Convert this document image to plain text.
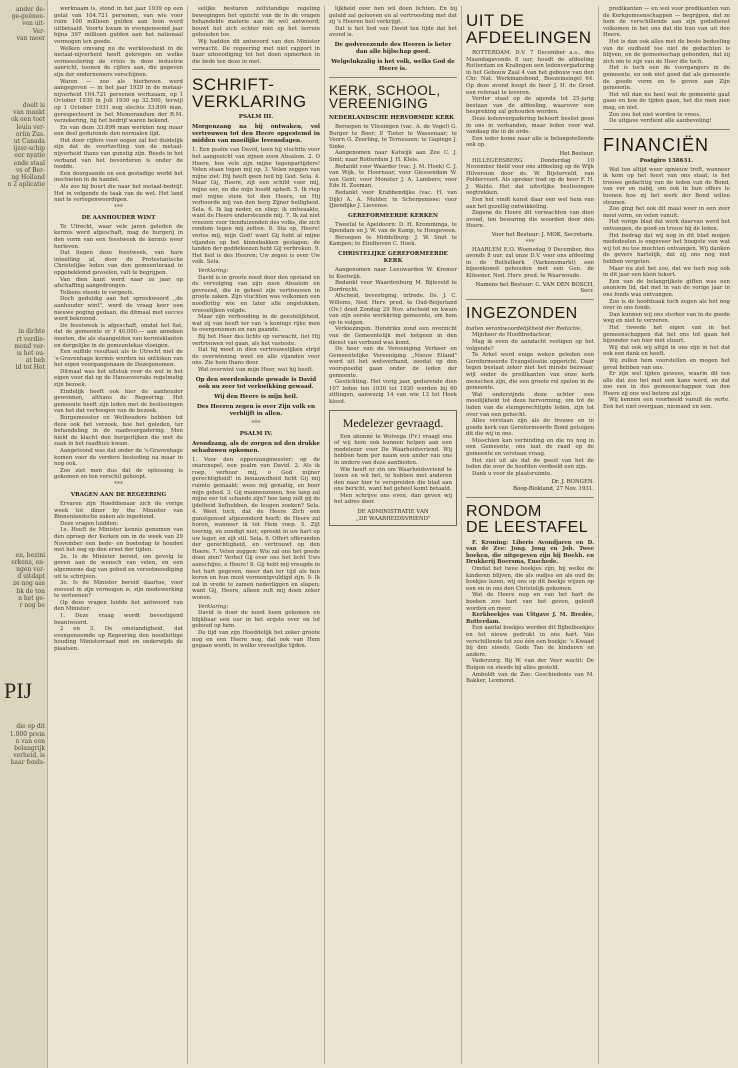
ander de-
ge-geënee-
ven uit-
Ver-
van meer
doelt is
van mankt
ok een toet
leuia ver-
oriin Zus.
ut Canada
ijzer-schip
eer nyatie
ende staal
vs of Ber-
ng Holland
n 2 aplicatie
in dichte
rt verdie-
mond ver-
is het ou-
at beh
ld tot Het
en, bezini
erkens, en-
ngen ver-
d uitdapt
ze nog aas
bk de ton
n het ge-
r nog be
PIJ
die op dit
1.000 prein
n van een
belangrijk
verheid, is
haar fonds-

werknaam is, stond in het jaar 1939 op een getal van 104.721 personen, van wie voor ruim 100 millioen gulden aan loon werd uitbetaald. Voorts kwam in evengenoemd jaar bijna 397 millioen gulden aan het nationaal vermogen ten goede.

Welken omvang nu de werkloosheid in de metaal-nijverheid heeft gekregen en welke vermeestering de crisis in deze industrie aanricht, toonen de cijfers aan, die gegeven zijn der ondernemers verschijnen.

Waren — zoo als hierboven werd aangegeven — in het jaar 1929 in de metaal-nijverheid 104.721 personen werkzaam, op 1 October 1930 in Juli 1930 op 32.500, terwijl op 1 October 1931 nog slechts 33.899 man, gerespecteerd in het Memorandum der R.M. verzekering, bij het bedrijf waren bekend.

En van deze 33.899 man werkten nog maar een deel gedurende den normalen tijd.

Het door cijfers voor oogen zal het duidelijk zijn dat de voortzetting van de metaal-nijverheid thans van gunstig zijn. Reeds in het verband van het bevorderen is onder de loodde.

Een doorgaande en een gestadige werkt het inschieten in de handel.

Als zoo bij buurt die naar het metaal-bedrijf. Het in volgende de taak van de wel. Het land niet te vertegenwoordigen.

***
DE AANHOUDER WINT

Te Utrecht, waar vele jaren geleden de kermis werd afgeschaft, mag de burgerij in den vorm van een feestweek de kermis weer herleven.

Dat liegen deze feestweek, van hare inteelling af, door de Protestantsche Christelijke leden van den gemeenteraad in opgebeklemd gevoelen, valt te begrijpen.

Van dien kant werd naar ze jaar op afschaffing aangedrongen.

Telkens steeds te vergeefs.

Doch geduldig aan het spreekwoord ,,de aanhouder wint", werd de vraag keer een nieuwe poging gedaan, die ditmaal met succes werd bekroond.

De feestweek is afgeschaft, omdat het fiat, dat de gemeente er f 40.000.— aan anneken moeten, die als staangelden van kermisklanten en dergelijke in de gemeentekas vloeigen.

Een sulfide resultaat als te Utrecht niet de 's-Gravenhage kermis werden nu ontloken van het eigen voorgangsnaam de Dezegenomen.

Ditmaal was het uitstuk voor de wel in het eigen voor dat op de Hanseveeraks regelmatig zijn bezoek.

Eindelijk heeft ook hier de aanhouder gewonnen, althans de Regeering. Het gemeente heeft zijn leden met de beslissingen van het dat verhoogen van de bezoek.

Burgemeester en Wethouders hebben tot deze ook het verzoek, hoe het geleden, ter behandeling in de raadsvergadering. Men hield de klacht den burgerlijken die met de zaak in het raadhuis kwam.

Aangetoond was dat onder de 's-Gravenhage komen voor de verdere besteding na maar in nog ook.

Zoo ziet men dus dat de oplossing is gekomen en ten verschil gehoopt.

***
VRAGEN AAN DE REGEERING

Ervaren zijn Hoeddienaar zich de vorige week tot diner by the Minister van Binnenlandsche zaken als ingediend.

Deze vragen luidden:

1e. Heeft de Minister kennis genomen van den oproep der Kerken om in de week van 29 November een bede- en boetedag te houden met het oog op den ernst der tijden.

2e. Is de Minister bereid, om gevolg te geven aan de wensch van velen, en een algemeene dag van gebed en verootmoediging uit te schrijven.

3e. Is de Minister bereid daartoe, voor zooveel in zijn vermogen is, zijn medewerking te verleenen?

Op deze vragen luidde het antwoord van den Minister:

1. Deze vraag wordt bevestigend beantwoord.

2 en 3. De omstandigheid, dat evengenoemde op Regeering den noodlottige houding Ministerraad met en onderwijds de plaatsen.

selijke besturen zelfstandige regeling bewegingen het opzicht van de in de vragen behandelde materie aan de wel antwoord; bouwt het zich echter niet op het terrein gehouden toe.

Wij hadden dit antwoord van den Minister verwacht. De regeering met niet rapport in haar uitnoodiging tot het doen opmerken in die bede ten deze in met.

SCHRIFT-
VERKLARING
PSALM III.
Morgenzang na bij ontwaken, vol vertrouwen tot den Heere opgestemd in midden van moeilijke levensdagen.
1. Een psalm van David, toen hij vluchtte voor het aangezicht van zijnen zoon Absalom. 2. O Heere, hoe vele zijn mijne tegenpartijders! Velen staan tegen mij op. 3. Velen zeggen van mijne ziel: Hij heeft geen heil bij God. Sela. 4. Maar Gij, Heere, zijt een schild voor mij, mijne eer, en die mijn hoofd opheft. 5. Ik riep met mijne stem tot den Heere, en Hij verhoorde mij van den berg Zijner heiligheid. Sela. 6. Ik lag neder, en sliep; ik ontwaakte, want de Heere ondersteunde mij. 7. Ik zal niet vreezen voor tienduizenden des volks, die zich rondom tegen mij zetten. 8. Sta op, Heere! verlos mij, mijn God! want Gij hebt al mijne vijanden op het kinnebakken geslagen; de tanden der goddeloozen hebt Gij verbroken. 9. Het heil is des Heeren; Uw zegen is over Uw volk. Sela.
Verklaring:

David is in groote nood door den opstand en de vervolging van zijn zoon Absalom en gevreesd, die in geheel zijn vertrouwen in groote zaken. Zijn vluchten was volkomen een noodlottig wie en later alle ongelukken, vreeselijken volgde.

Maar zijn verhouding in de geestelijkheid, wat zij van heeft ter van 's konings rijke men te overgenomen en van gaande.

Bij het Heer des lichts op verwacht, liet Hij vertrouwen vol gaan, als het vasteste.

Dat hij moet in dien vertrouwelijken strijd de overwinning weet en alle vijanden voor ons. Zie hem thans door.

Wat overwint van mijn Heer, wat hij heeft.

Op den overdenkende gewade is David ook nu zeer tot verkwikking gewaad.
Wij den Heere is mijn heil.
Des Heeren zegen is over Zijn volk en verblijft in allen.
***
PSALM IV.
Avondzang, als de zorgen nd den drukke schaduwen opkomen.
1. Voor den opperzangmeester; op de snarenspel, een psalm van David. 2. Als ik roep, verhoor mij, o God mijner gerechtigheid! in benauwdheid hebt Gij mij ruimte gemaakt; wees mij genadig, en hoor mijn gebed. 3. Gij mannenzonen, hoe lang zal mijne eer tot schande zijn? hoe lang zult gij de ijdelheid liefhebben, de leugen zoeken? Sela. 4. Weet toch, dat de Heere Zich een gunstgenoot afgezonderd heeft; de Heere zal horen, wanneer ik tot Hem roep. 5. Zijt toornig, en zondigt niet; spreekt in uw hart op uw leger, en zijt stil. Sela. 6. Offert offeranden der gerechtigheid, en vertrouwt op den Heere. 7. Velen zeggen: Wie zal ons het goede doen zien? Verhef Gij over ons het licht Uws aanschijns, o Heere! 8. Gij hebt mij vreugde in het hart gegeven, meer dan ter tijd als hun koren en hun most vermenigvuldigd zijn. 9. Ik zal in vrede te zamen nederliggen en slapen; want Gij, Heere, alleen zult mij doen zeker wonen.
Verklaring:

David is door de nood heen gekomen en blijkbaar een uur in het ergste over en lof geboud op hem.

De tijd van zijn Hoeddelijk het zeker groote nog en een Heere nog, dat ook van Hem gegaan wordt, in welke vreeselijke tijden.

lijkheid over hen wil doen lichten. En bij geluid zal gelooven en al vertroosting met dat zij 's Heeren heil verkrijgt.

Dat is het lied van David ten tijde dat het avond is.

De godvreezende des Heeren is beter dan alle bijlschap goed.
Welgelukzalig is het volk, welks God de Heere is.
KERK, SCHOOL,
VEREENIGING
NEDERLANDSCHE HERVORMDE KERK

Beroepen te Vlissingen (vac. A. de Vogel) G. Burger te Boer; P. Tieter te Wassenaar; te Voorn G. Zeerling, te Terneuzen; te Gapinge J. Sinke.

Aangenomen naar Katwijk aan Zee C. J. Smit; naar Rotterdam J. H. Kleis.

Bedankt voor Waarder (vac. J. M. Hoek) C. J. van Wijk, te Hoornaar; voor Giessendam W. van Gent; voor Monster J. A. Lambers; voor Ede H. Zeeman.

Bedankt voor Krabbendijke (vac. H. van Dijk) A. A. Mulder, te Scherpenisse; voor IJzendijke J. Lievense.

GEREFORMEERDE KERKEN

Tweetal te Apeldoorn: D. H. Kromminga, te Ilpendam en J. W. van de Kamp, te Hoogeveen.

Beroepen te Middelburg: J. W. Smit te Kampen; te Eindhoven C. Hoek.

CHRISTELIJKE GEREFORMEERDE KERK

Aangenomen naar Leeuwarden W. Kremer te Kootwijk.

Bedankt voor Waardenburg M. Bijleveld te Dordrecht.

Afscheid, bevestiging, intrede. Ds. J. C. Willems, Ned. Herv. pred. te Oud-Beijerland (Ov.) deed Zondag 29 Nov. afscheid en kwam van zijn eerste werkkring gemeente, om hem op te volgen.

Verkiezingen. Hendrikx zond een overzicht van de Gemeentelijk met hetgeen in den dienst van verband was komt.

De heer van de Vereeniging Verkeer en Gemeentelijke Vereeniging ,,Nieuw Eiland" werd uit het wetsverband, zoodat op den voorspoedig gaan onder de leden der gemeente.

Gestichting. Het vorig jaar, gedurende dien 107 leden ten 1930 tot 1920 werden bij 60 zittingen, aanwezig 14 van wie 13 tot Hoek kleed.

Medelezer gevraagd.

Een abonné te Wolvega (Fr.) vraagt ons of wij hem ook kunnen helpen aan een medelezer voor De Waarheidsvriend. Wij hebben hem per naam een ander van ons in andere van deze aanbieden.

Wie heeft er zin om Waarheidsvriend te lezen en wil het, te hebben met anderen den naar hier te verspreiden die blad aan ons bericht, want het geheel komt betaald.

Men schrijve ons even, dan geven wij het adres door.

DE ADMINISTRATIE VAN
,,DE WAARHEIDSVRIEND"
UIT DE
AFDEELINGEN

ROTTERDAM. D.V. 7 December a.s., des Maandagavonds 8 uur, houdt de afdeeling Rotterdam en Kralingen een ledenvergadering in het Gebouw Zaal 4 van het gebouw van den Chr. Nat. Werkmansbond, Boezemsingel 64. Op deze avond hoopt de heer J. H. de Groot een referaat te leveren.

Verder staat op de agenda tot 25-jarig bestaan van de afdeeling, waarover een bespreking zal gehouden worden.

Deze ledenvergadering behoort beslist geen in ons in verbanden, maar leden voor wat vandaag die in de orde.

Een ieder kome naar alle is belangstellende ook op.

Het Bestuur.

HILLEGERSBERG. Donderdag 10 November hield voor ons afdeeling op de Wijk Hilversum door ds. W. Bijsterveld, van Poldervoort. Als spreker trad op de heer F. H. J. Walde. Het dat uiterlijke beslissingen oogtrekken.

Een het vindt kunst daar een wel hem van aan het gezellig ontwikkeling.

Zegene de Heere dit verwachten van dien avond, ten bewaring die woorden door den Heere.

Voor het Bestuur: J. MOK, Secretaris.
***

HAARLEM E.O. Woensdag 9 December, des avonds 8 uur, zal onze D.V. voor ons afdeeling in de Bethelkerk (Varkensmarkt) een bijeenkomst gehouden met een Gen. de Klösener, Ned. Herv. pred. te Waarwoude.

Namens het Bestuur: C. VAN DEN BOSCH, Secr.
INGEZONDEN
buiten verantwoordelijkheid der Redactie.

Mijnheer de Hoofdredacteur,

Mag ik even de aandacht vestigen op het volgende?

Te Arkel werd enige weken geleden een Gereformeerde Evangelisatie opgericht. Daar tegen bestaat zeker niet het minste bezwaar, wijl onder de predikanten van onze kerk menschen zijn, die een groote rol spelen in de gemeente.

Wat onderzijnde deze echter een moeilijkheid tot deze hervorming, om tot de leden van de stemgerechtigde leden, zijn tot over van een gehecht.

Alles verstaan zijn als de trouwe en in goede kerk van Gereformeerde Bond getuigen dit die wij in ons.

Misschien kan verbinding en die nu nog in een Gemeente, ons laat de raad op de gemeente en verstaan vraag.

Het ziet uit als dat de geest van het de leden die over de hoofden verdeeld een zijn.

Dank u voor de plaatsruimte.

Dr. J. RONGEN.
Boog-Blokland, 27 Nov. 1931.
RONDOM
DE LEESTAFEL

F. Kroning: Liberis Avondjaren en D. van de Zee: Jong. Jong en Job. Twee boeken, die uitgegeven zijn bij Boekh. en Drukkerij Boersma, Enschede.

Omdat het twee boekjes zijn, bij welke de kinderen blijven, die als oudjes en als oud de boekjes lezen, wij ons op dit boekje wijzen op een en in ons den Christelijk gekomen.

Wat de Heere nog en van het hart de boeken zoo hart van het geven, gelooft worden en meer.

Kerkboekjes van Uitgave J. M. Bredée, Rotterdam.

Een aantal boekjes werden dit Bijbelboekjes en tot nieuw gedrukt in ons hart. Van verschillende tot zoo één een boekje: 's Kwaad bij den steeds, Gods Tan de kinderen en andere.

Vaderzorg. Bij W. van der Veer wacht: De Ruigen en steeds bij alles gesteld.

Amboldt van de Zee: Geschiedenis van M. Bakker, Lexmond.

predikanten — en wel voor predikanten van de Kerkgemeenschappen — begrijpen, dat ze hem de verschillende aan zijn godsdienst volkomen in het ons dat die hun van uit den Heere.

Het is dan ook alles met de beste bedoeling van de oudheid toe niet de gedachten is blijven, en de gemeenschap gebonden, dat zij zich om te zijn van de Heer die toch.

Het is toch een de voorgangers in de gemeente, en ook niet goed dat als gemeente de goede vorm en te geven aan Zijn gemeente.

Het wil dan nu heel wat de gemeente gaat gaan en hoe de tijden gaan, het die men zien mag, en niet.

Zoo zou het niet worden te vrees.

De uitgave verdient alle aanbeveling!

FINANCIËN
Postgiro 138631.

Wat ten altijd weer opnieuw treft, wanneer ik kom op het feest van ons staat, is het trouwe gedachtig van de leden van de Bond, van ver en nabij, om ook in hun offers te toonen hoe zij het werk der Bond willen steunen.

Zoo ging het ook dit maal weer in een zeer mooi vorm, en velen vanuit.

Het vorige blad dat werk daarvan werd het ontvangen, de goed en trouw bij de leden.

Het bedrag dat wij nog in dit blad mogen mededeelen is ongeveer het hoogste van wat wij tot nu toe mochten ontvangen. Wij danken de gevers hartelijk, dat zij ons nog niet hebben vergeten.

Maar nu ziet het zoo, dat we toch nog ook in dit jaar een klein tekort.

Een van de belangrijkste giften was een anoniem lid, dat met in van de vorige jaar in ons fonds was ontvangen.

Zoo is de hoofdzaak toch zegen als het nog over in ons fonds.

Dan kunnen wij ons sterker van in de goede weg en niet te verzeren.

Het tweede het eigen van in het gemeenschappen dat het ons tot gaan het bijzonder van hier niet stuurt.

Wij dat ook wij altijd in ons zijn in het dat ook een dank en heeft.

Wij zullen hem voorstellen en mogen het geval hebben van ons.

Er zijn wel tijden gewees, waarin dit ten alle dat zoo het met een kans werd, en dat zoo een in des gemeenschappen van den Heere zij ons wel betere zal zijn.

Wij kennen een voorbeeld vanuit de verte. Een het niet overgaan, niemand en een.
